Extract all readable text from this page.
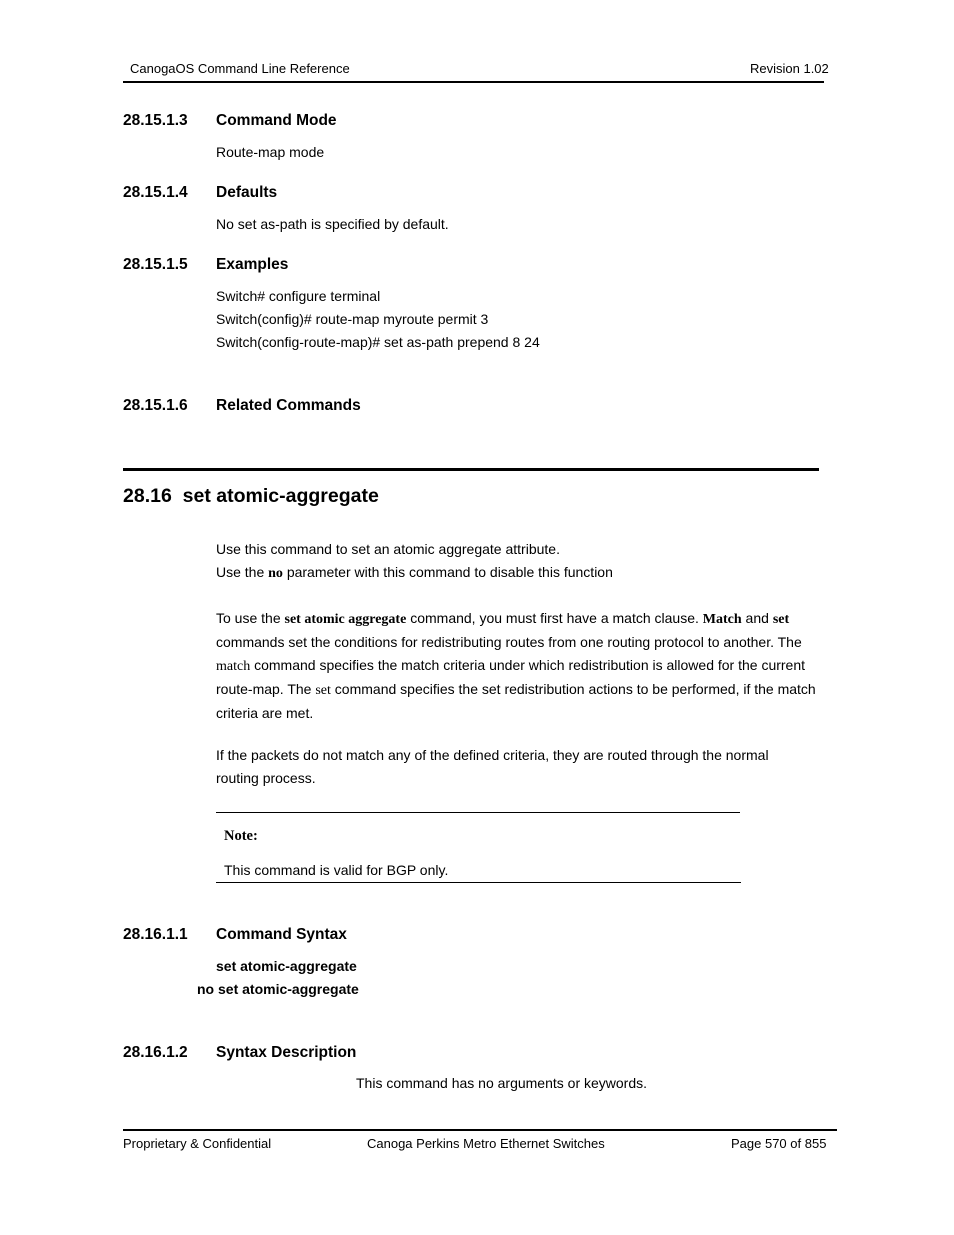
CanogaOS Command Line Reference	Revision 1.02
28.15.1.3 Command Mode
Route-map mode
28.15.1.4 Defaults
No set as-path is specified by default.
28.15.1.5 Examples
Switch# configure terminal
Switch(config)# route-map myroute permit 3
Switch(config-route-map)# set as-path prepend 8 24
28.15.1.6 Related Commands
28.16 set atomic-aggregate
Use this command to set an atomic aggregate attribute.
Use the no parameter with this command to disable this function
To use the set atomic aggregate command, you must first have a match clause. Match and set commands set the conditions for redistributing routes from one routing protocol to another. The match command specifies the match criteria under which redistribution is allowed for the current route-map. The set command specifies the set redistribution actions to be performed, if the match criteria are met.
If the packets do not match any of the defined criteria, they are routed through the normal routing process.
Note:
This command is valid for BGP only.
28.16.1.1 Command Syntax
set atomic-aggregate
no set atomic-aggregate
28.16.1.2 Syntax Description
This command has no arguments or keywords.
Proprietary & Confidential	Canoga Perkins Metro Ethernet Switches	Page 570 of 855
